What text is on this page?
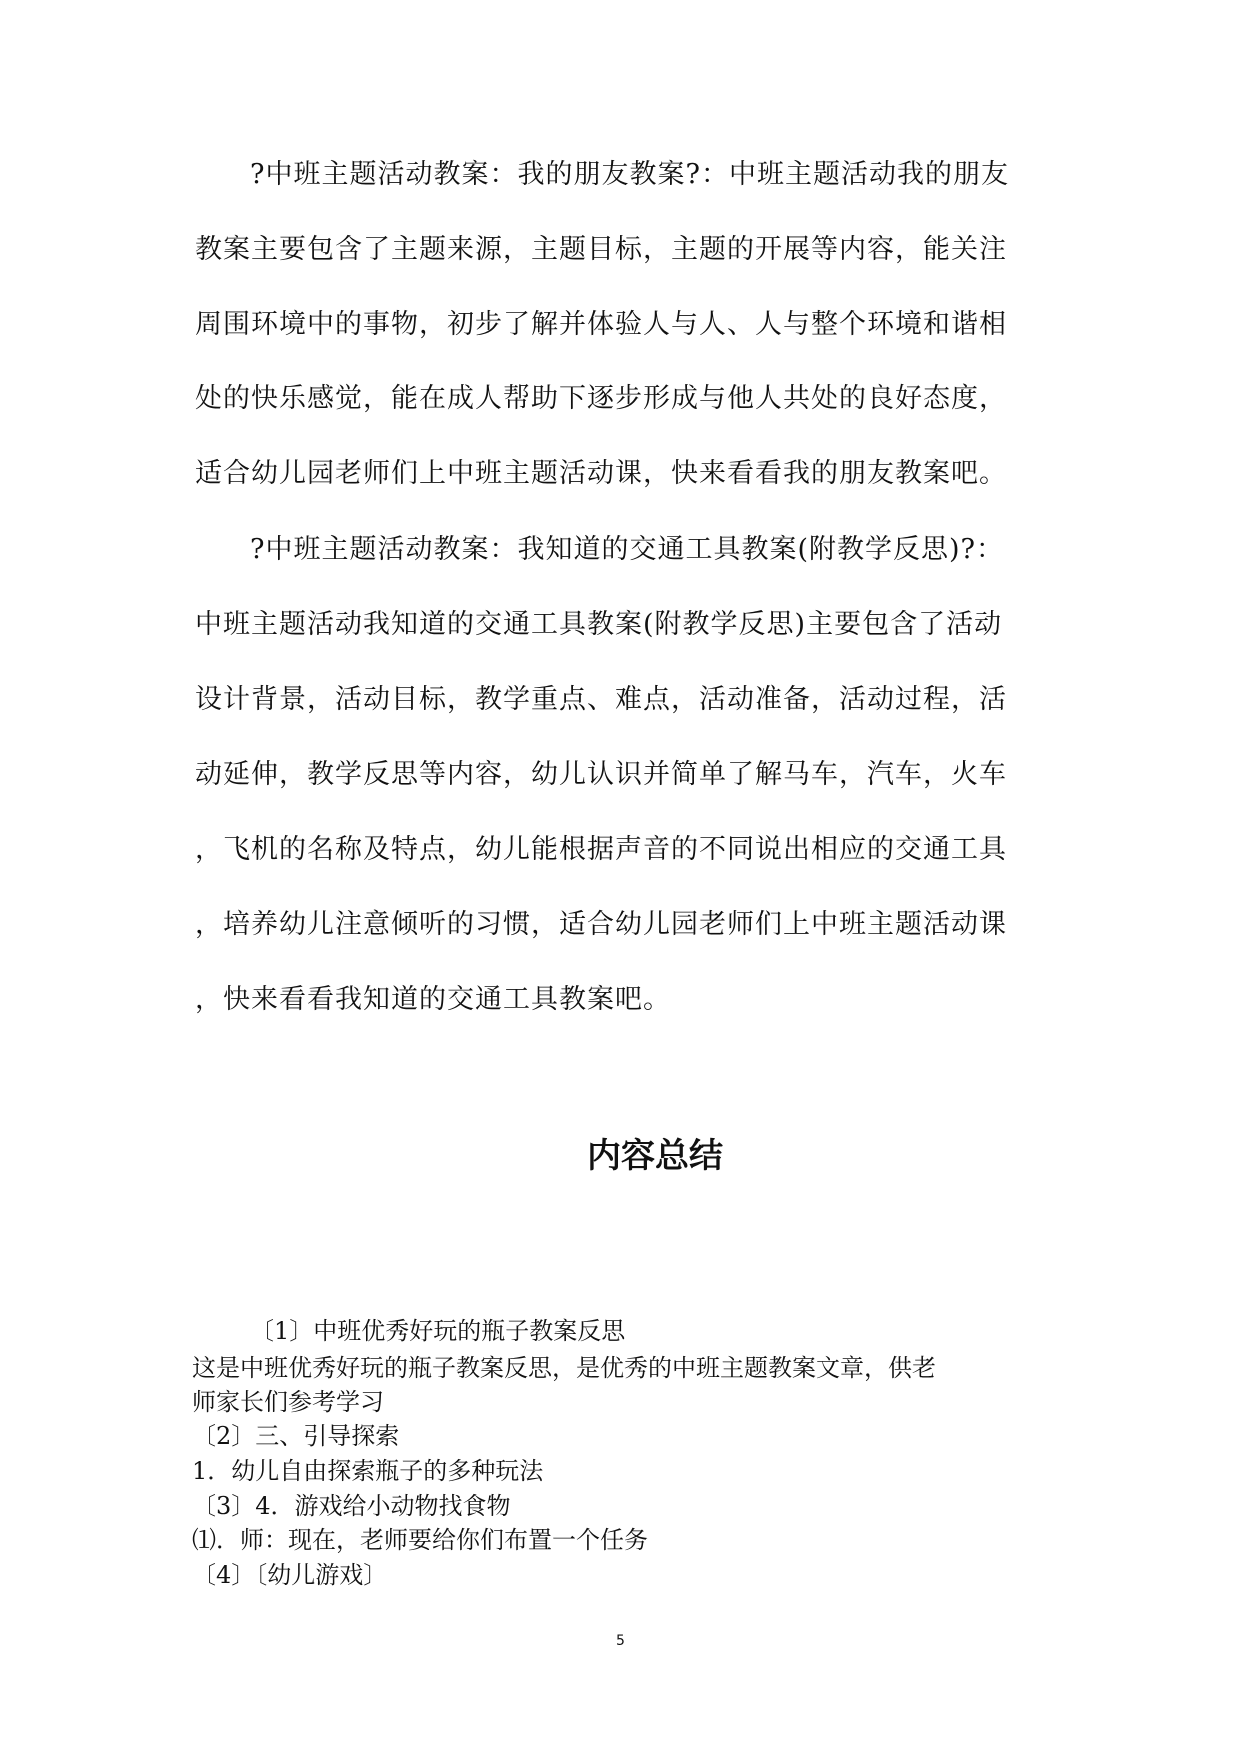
?中班主题活动教案：我的朋友教案?：中班主题活动我的朋友
教案主要包含了主题来源，主题目标，主题的开展等内容，能关注
周围环境中的事物，初步了解并体验人与人、人与整个环境和谐相
处的快乐感觉，能在成人帮助下逐步形成与他人共处的良好态度，
适合幼儿园老师们上中班主题活动课，快来看看我的朋友教案吧。
?中班主题活动教案：我知道的交通工具教案(附教学反思)?：
中班主题活动我知道的交通工具教案(附教学反思)主要包含了活动
设计背景，活动目标，教学重点、难点，活动准备，活动过程，活
动延伸，教学反思等内容，幼儿认识并简单了解马车，汽车，火车
，飞机的名称及特点，幼儿能根据声音的不同说出相应的交通工具
，培养幼儿注意倾听的习惯，适合幼儿园老师们上中班主题活动课
，快来看看我知道的交通工具教案吧。
内容总结
〔1〕中班优秀好玩的瓶子教案反思
这是中班优秀好玩的瓶子教案反思，是优秀的中班主题教案文章，供老
师家长们参考学习
〔2〕三、引导探索
1．幼儿自由探索瓶子的多种玩法
〔3〕4．游戏给小动物找食物
⑴．师：现在，老师要给你们布置一个任务
〔4〕〔幼儿游戏〕
5
